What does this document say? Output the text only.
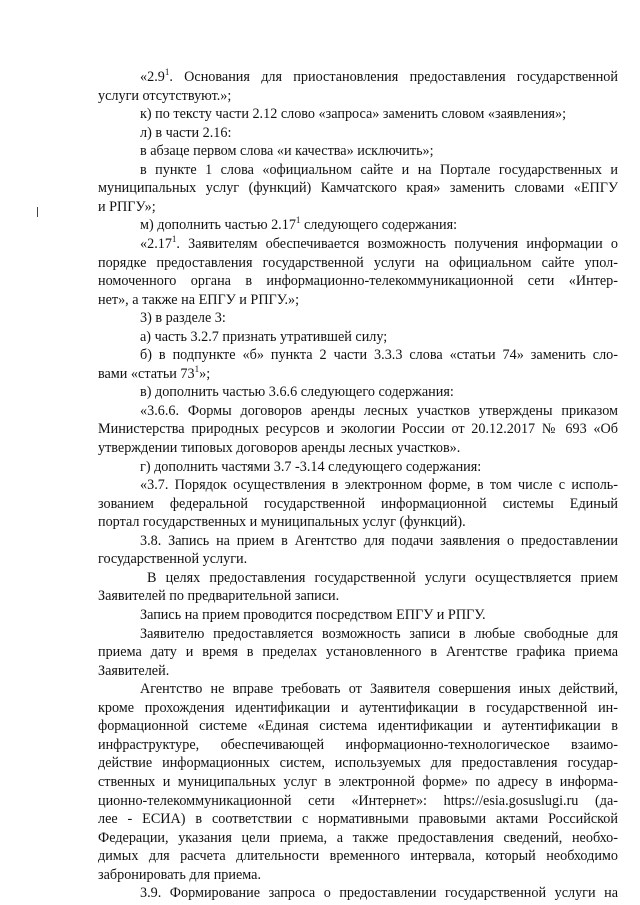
«$2.9^1$. Основания для приостановления предоставления государственной

услуги отсутствуют.»;

к) по тексту части 2.12 слово «запроса» заменить словом «заявления»;

л) в части 2.16:

в абзаце первом слова «и качества» исключить»;

в пункте 1 слова «официальном сайте и на Портале государственных и

муниципальных услуг (функций) Камчатского края» заменить словами «ЕПГУ

и РПГУ»;

м) дополнить частью 2.17$^1$ следующего содержания:

«2.17$^1$. Заявителям обеспечивается возможность получения информации о

порядке предоставления государственной услуги на официальном сайте упол-

номоченного органа в информационно-телекоммуникационной сети «Интер-

нет», а также на ЕПГУ и РПГУ.»;

3) в разделе 3:

а) часть 3.2.7 признать утратившей силу;

б) в подпункте «б» пункта 2 части 3.3.3 слова «статьи 74» заменить сло-

вами «статьи $73^1$»;

в) дополнить частью 3.6.6 следующего содержания:

«3.6.6. Формы договоров аренды лесных участков утверждены приказом

Министерства природных ресурсов и экологии России от 20.12.2017 № 693 «Об

утверждении типовых договоров аренды лесных участков».

г) дополнить частями 3.7 -3.14 следующего содержания:

«3.7. Порядок осуществления в электронном форме, в том числе с исполь-

зованием федеральной государственной информационной системы Единый

портал государственных и муниципальных услуг (функций).

3.8. Запись на прием в Агентство для подачи заявления о предоставлении

государственной услуги.

В целях предоставления государственной услуги осуществляется прием

Заявителей по предварительной записи.

Запись на прием проводится посредством ЕПГУ и РПГУ.

Заявителю предоставляется возможность записи в любые свободные для

приема дату и время в пределах установленного в Агентстве графика приема

Заявителей.

Агентство не вправе требовать от Заявителя совершения иных действий,

кроме прохождения идентификации и аутентификации в государственной ин-

формационной системе «Единая система идентификации и аутентификации в

инфраструктуре, обеспечивающей информационно-технологическое взаимо-

действие информационных систем, используемых для предоставления государ-

ственных и муниципальных услуг в электронной форме» по адресу в информа-

ционно-телекоммуникационной сети «Интернет»: https://esia.gosuslugi.ru (да-

лее - ЕСИА) в соответствии с нормативными правовыми актами Российской

Федерации, указания цели приема, а также предоставления сведений, необхо-

димых для расчета длительности временного интервала, который необходимо

забронировать для приема.

3.9. Формирование запроса о предоставлении государственной услуги на
